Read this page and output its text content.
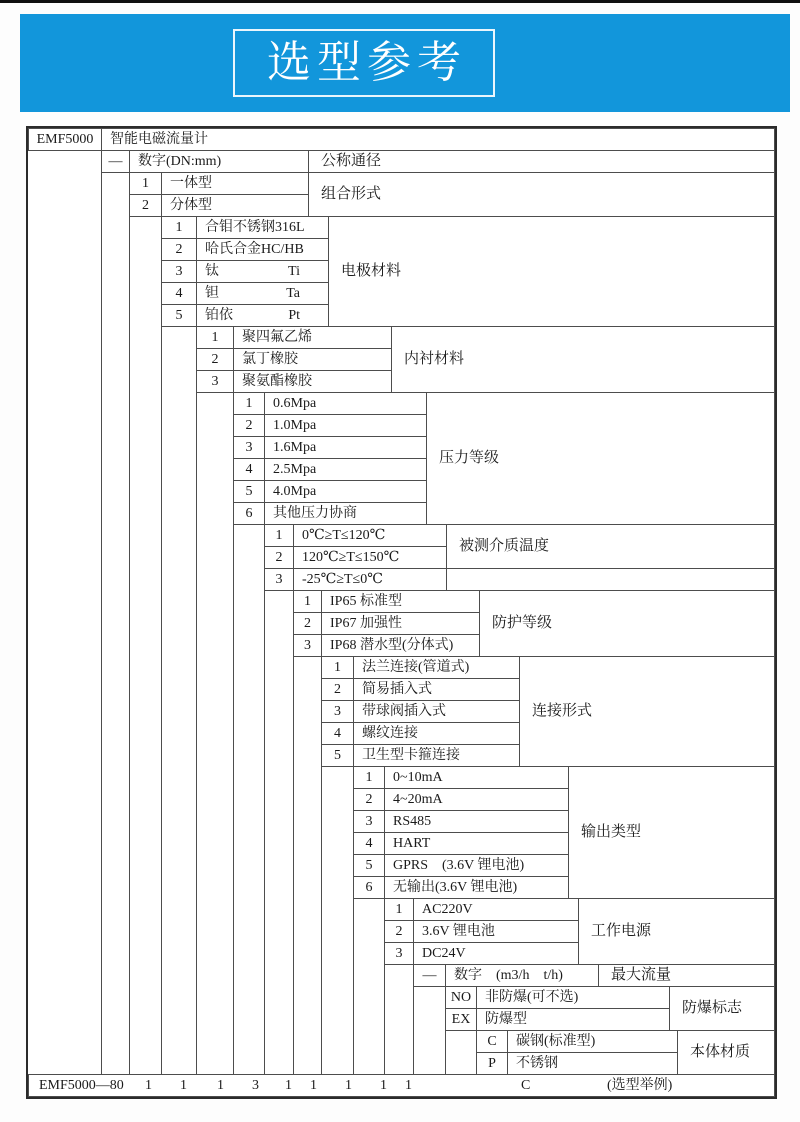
选型参考
EMF5000	智能电磁流量计
—	数字(DN:mm)	公称通径
1	一体型
2	分体型
组合形式
1	合钼不锈钢 316L
2	哈氏合金 HC/HB
3	钛	Ti
4	钽	Ta
5	铂依	Pt
电极材料
1	聚四氟乙烯
2	氯丁橡胶
3	聚氨酯橡胶
内衬材料
1	0.6Mpa
2	1.0Mpa
3	1.6Mpa
4	2.5Mpa
5	4.0Mpa
6	其他压力协商
压力等级
1	0℃≥T≤120℃
2	120℃≥T≤150℃
3	-25℃≥T≤0℃
被测介质温度
1	IP65 标准型
2	IP67 加强性
3	IP68 潜水型(分体式)
防护等级
1	法兰连接(管道式)
2	简易插入式
3	带球阀插入式
4	螺纹连接
5	卫生型卡箍连接
连接形式
1	0~10mA
2	4~20mA
3	RS485
4	HART
5	GPRS　(3.6V 锂电池)
6	无输出(3.6V 锂电池)
输出类型
1	AC220V
2	3.6V 锂电池
3	DC24V
工作电源
—	数字　(m3/h　t/h)	最大流量
NO 非防爆(可不选)
EX	防爆型
防爆标志
C	碳钢(标准型)
P	不锈钢
本体材质
EMF5000—80 1 1 1 3 1 1 1 1 1	C	(选型举例)
